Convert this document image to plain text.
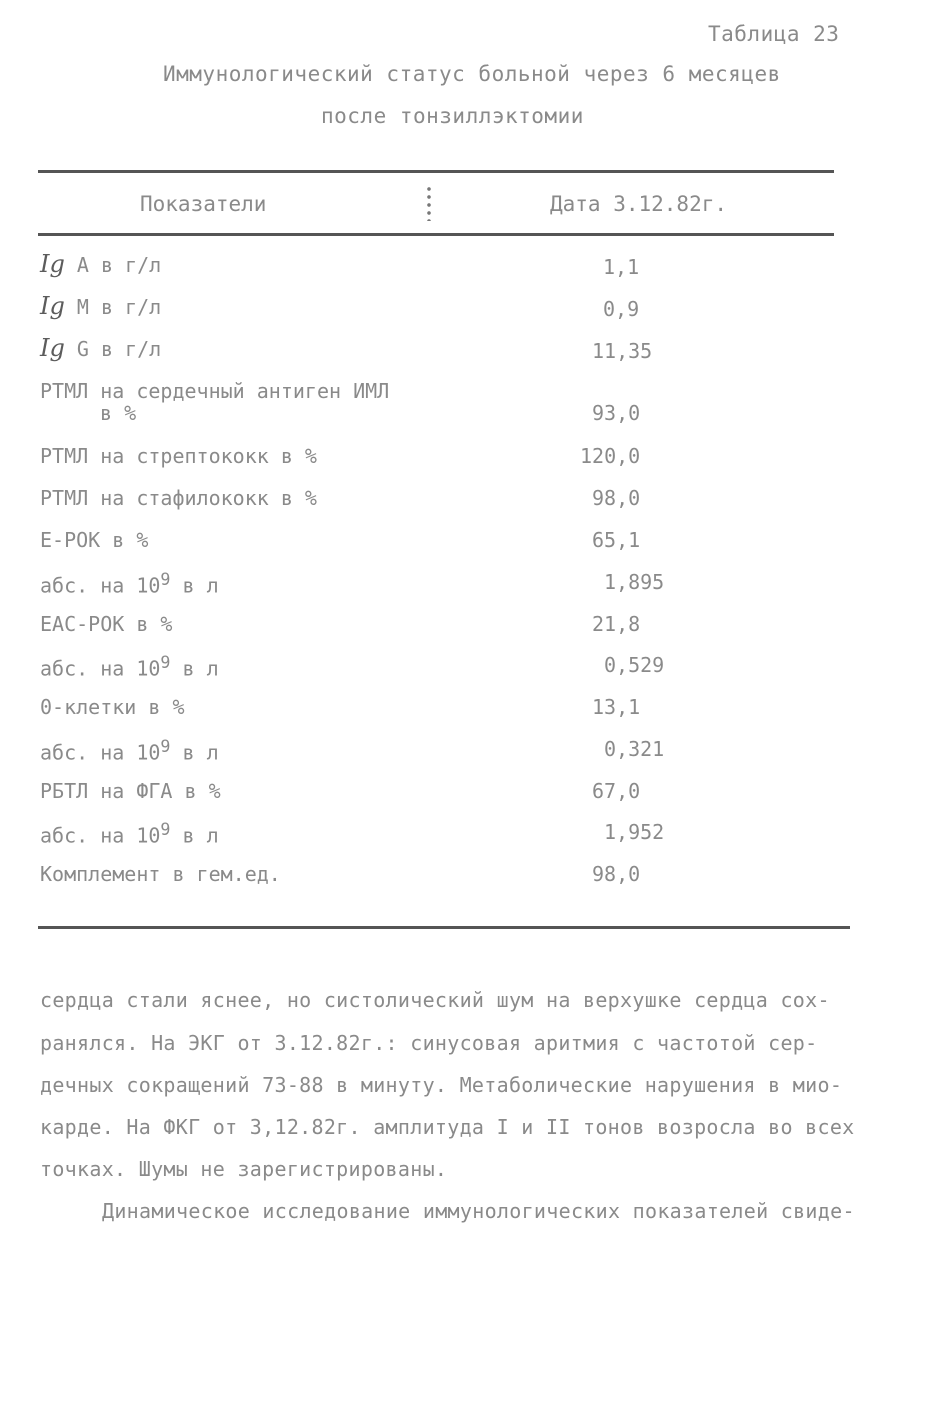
Таблица 23
Иммунологический статус больной через 6 месяцев
после тонзиллэктомии
Показатели	Дата 3.12.82г.
Ig А в г/л	1,1
Ig M в г/л	0,9
Ig G в г/л	11,35
РТМЛ на сердечный антиген ИМЛ
в %	93,0
РТМЛ на стрептококк в %	120,0
РТМЛ на стафилококк в %	98,0
Е-РОК в %	65,1
абс. на $10^9$ в л	1,895
ЕАС-РОК в %	21,8
абс. на $10^9$ в л	0,529
0-клетки в %	13,1
абс. на $10^9$ в л	0,321
РБТЛ на ФГА в %	67,0
абс. на $10^9$ в л	1,952
Комплемент в гем.ед.	98,0
сердца стали яснее, но систолический шум на верхушке сердца сох-
ранялся. На ЭКГ от 3.12.82г.: синусовая аритмия с частотой сер-
дечных сокращений 73-88 в минуту. Метаболические нарушения в мио-
карде. На ФКГ от 3,12.82г. амплитуда I и II тонов возросла во всех
точках. Шумы не зарегистрированы.
Динамическое исследование иммунологических показателей свиде-
